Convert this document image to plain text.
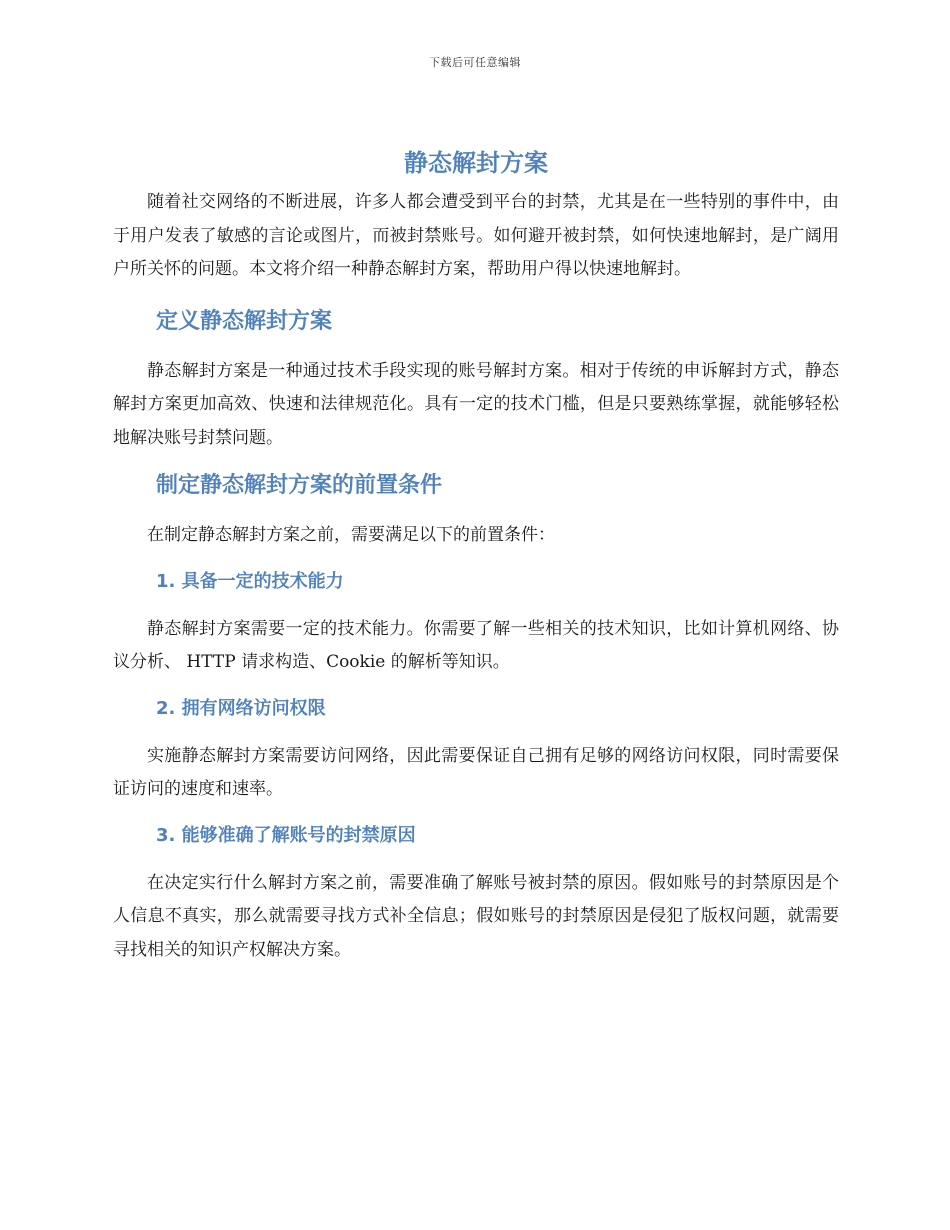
下载后可任意编辑
静态解封方案

随着社交网络的不断进展，许多人都会遭受到平台的封禁，尤其是在一些特别的事件中，由于用户发表了敏感的言论或图片，而被封禁账号。如何避开被封禁，如何快速地解封，是广阔用户所关怀的问题。本文将介绍一种静态解封方案，帮助用户得以快速地解封。

定义静态解封方案

静态解封方案是一种通过技术手段实现的账号解封方案。相对于传统的申诉解封方式，静态解封方案更加高效、快速和法律规范化。具有一定的技术门槛，但是只要熟练掌握，就能够轻松地解决账号封禁问题。

制定静态解封方案的前置条件

在制定静态解封方案之前，需要满足以下的前置条件：

1. 具备一定的技术能力

静态解封方案需要一定的技术能力。你需要了解一些相关的技术知识，比如计算机网络、协议分析、 HTTP 请求构造、Cookie 的解析等知识。

2. 拥有网络访问权限

实施静态解封方案需要访问网络，因此需要保证自己拥有足够的网络访问权限，同时需要保证访问的速度和速率。

3. 能够准确了解账号的封禁原因

在决定实行什么解封方案之前，需要准确了解账号被封禁的原因。假如账号的封禁原因是个人信息不真实，那么就需要寻找方式补全信息；假如账号的封禁原因是侵犯了版权问题，就需要寻找相关的知识产权解决方案。
